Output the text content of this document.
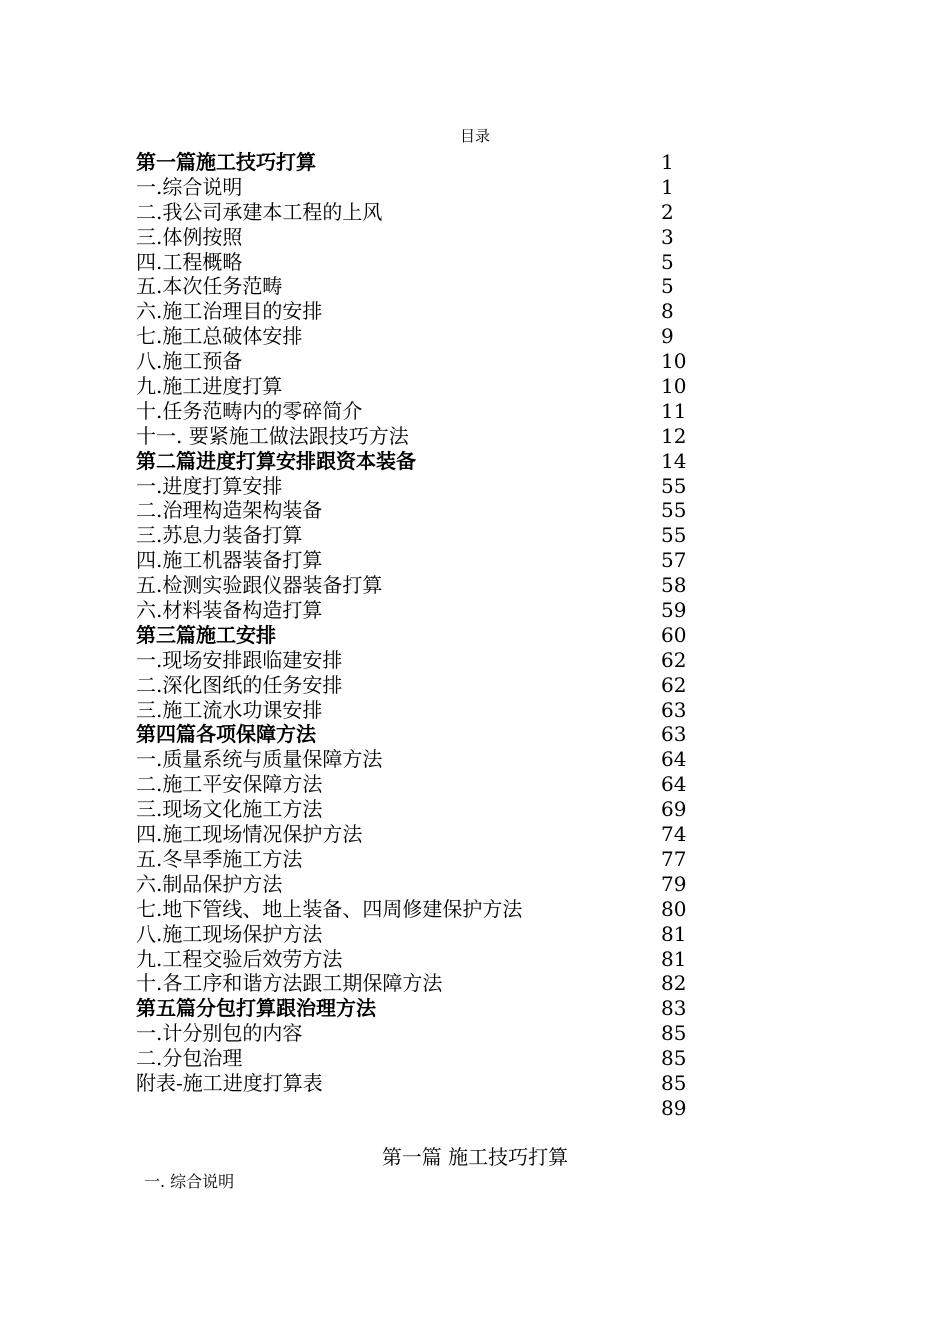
目录
第一篇施工技巧打算	1
一.综合说明	1
二.我公司承建本工程的上风	2
三.体例按照	3
四.工程概略	5
五.本次任务范畴	5
六.施工治理目的安排	8
七.施工总破体安排	9
八.施工预备	10
九.施工进度打算	10
十.任务范畴内的零碎简介	11
十一. 要紧施工做法跟技巧方法	12
第二篇进度打算安排跟资本装备	14
一.进度打算安排	55
二.治理构造架构装备	55
三.苏息力装备打算	55
四.施工机器装备打算	57
五.检测实验跟仪器装备打算	58
六.材料装备构造打算	59
第三篇施工安排	60
一.现场安排跟临建安排	62
二.深化图纸的任务安排	62
三.施工流水功课安排	63
第四篇各项保障方法	63
一.质量系统与质量保障方法	64
二.施工平安保障方法	64
三.现场文化施工方法	69
四.施工现场情况保护方法	74
五.冬旱季施工方法	77
六.制品保护方法	79
七.地下管线、地上装备、四周修建保护方法	80
八.施工现场保护方法	81
九.工程交验后效劳方法	81
十.各工序和谐方法跟工期保障方法	82
第五篇分包打算跟治理方法	83
一.计分别包的内容	85
二.分包治理	85
附表-施工进度打算表	85
89
第一篇 施工技巧打算
一. 综合说明
